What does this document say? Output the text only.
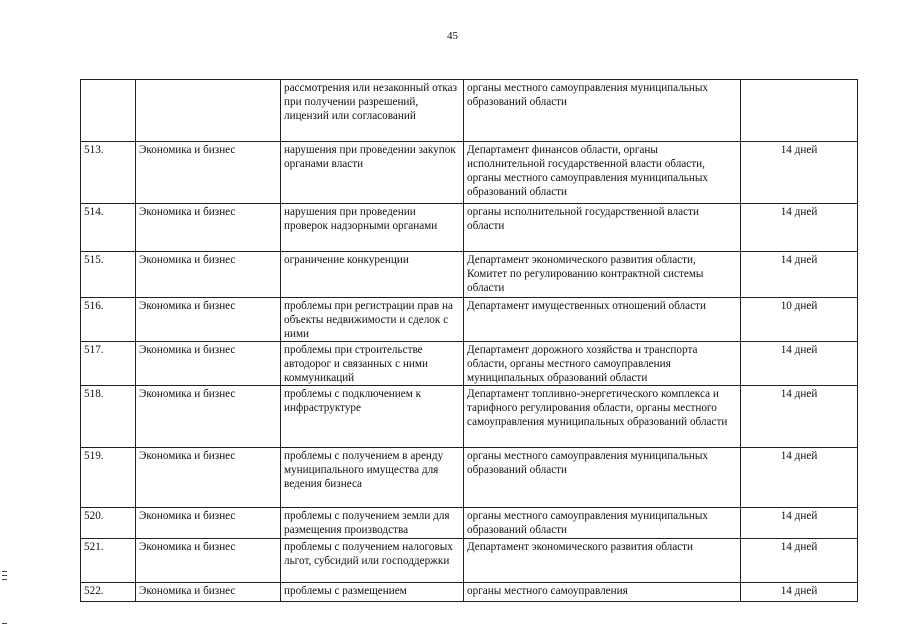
45
		рассмотрения или незаконный отказ при получении разрешений, лицензий или согласований	органы местного самоуправления муниципальных образований области	
513.	Экономика и бизнес	нарушения при проведении закупок органами власти	Департамент финансов области, органы исполнительной государственной власти области, органы местного самоуправления муниципальных образований области	14 дней
514.	Экономика и бизнес	нарушения при проведении проверок надзорными органами	органы исполнительной государственной власти области	14 дней
515.	Экономика и бизнес	ограничение конкуренции	Департамент экономического развития области, Комитет по регулированию контрактной системы области	14 дней
516.	Экономика и бизнес	проблемы при регистрации прав на объекты недвижимости и сделок с ними	Департамент имущественных отношений области	10 дней
517.	Экономика и бизнес	проблемы при строительстве автодорог и связанных с ними коммуникаций	Департамент дорожного хозяйства и транспорта области, органы местного самоуправления муниципальных образований области	14 дней
518.	Экономика и бизнес	проблемы с подключением к инфраструктуре	Департамент топливно-энергетического комплекса и тарифного регулирования области, органы местного самоуправления муниципальных образований области	14 дней
519.	Экономика и бизнес	проблемы с получением в аренду муниципального имущества для ведения бизнеса	органы местного самоуправления муниципальных образований области	14 дней
520.	Экономика и бизнес	проблемы с получением земли для размещения производства	органы местного самоуправления муниципальных образований области	14 дней
521.	Экономика и бизнес	проблемы с получением налоговых льгот, субсидий или господдержки	Департамент экономического развития области	14 дней
522.	Экономика и бизнес	проблемы с размещением	органы местного самоуправления	14 дней
